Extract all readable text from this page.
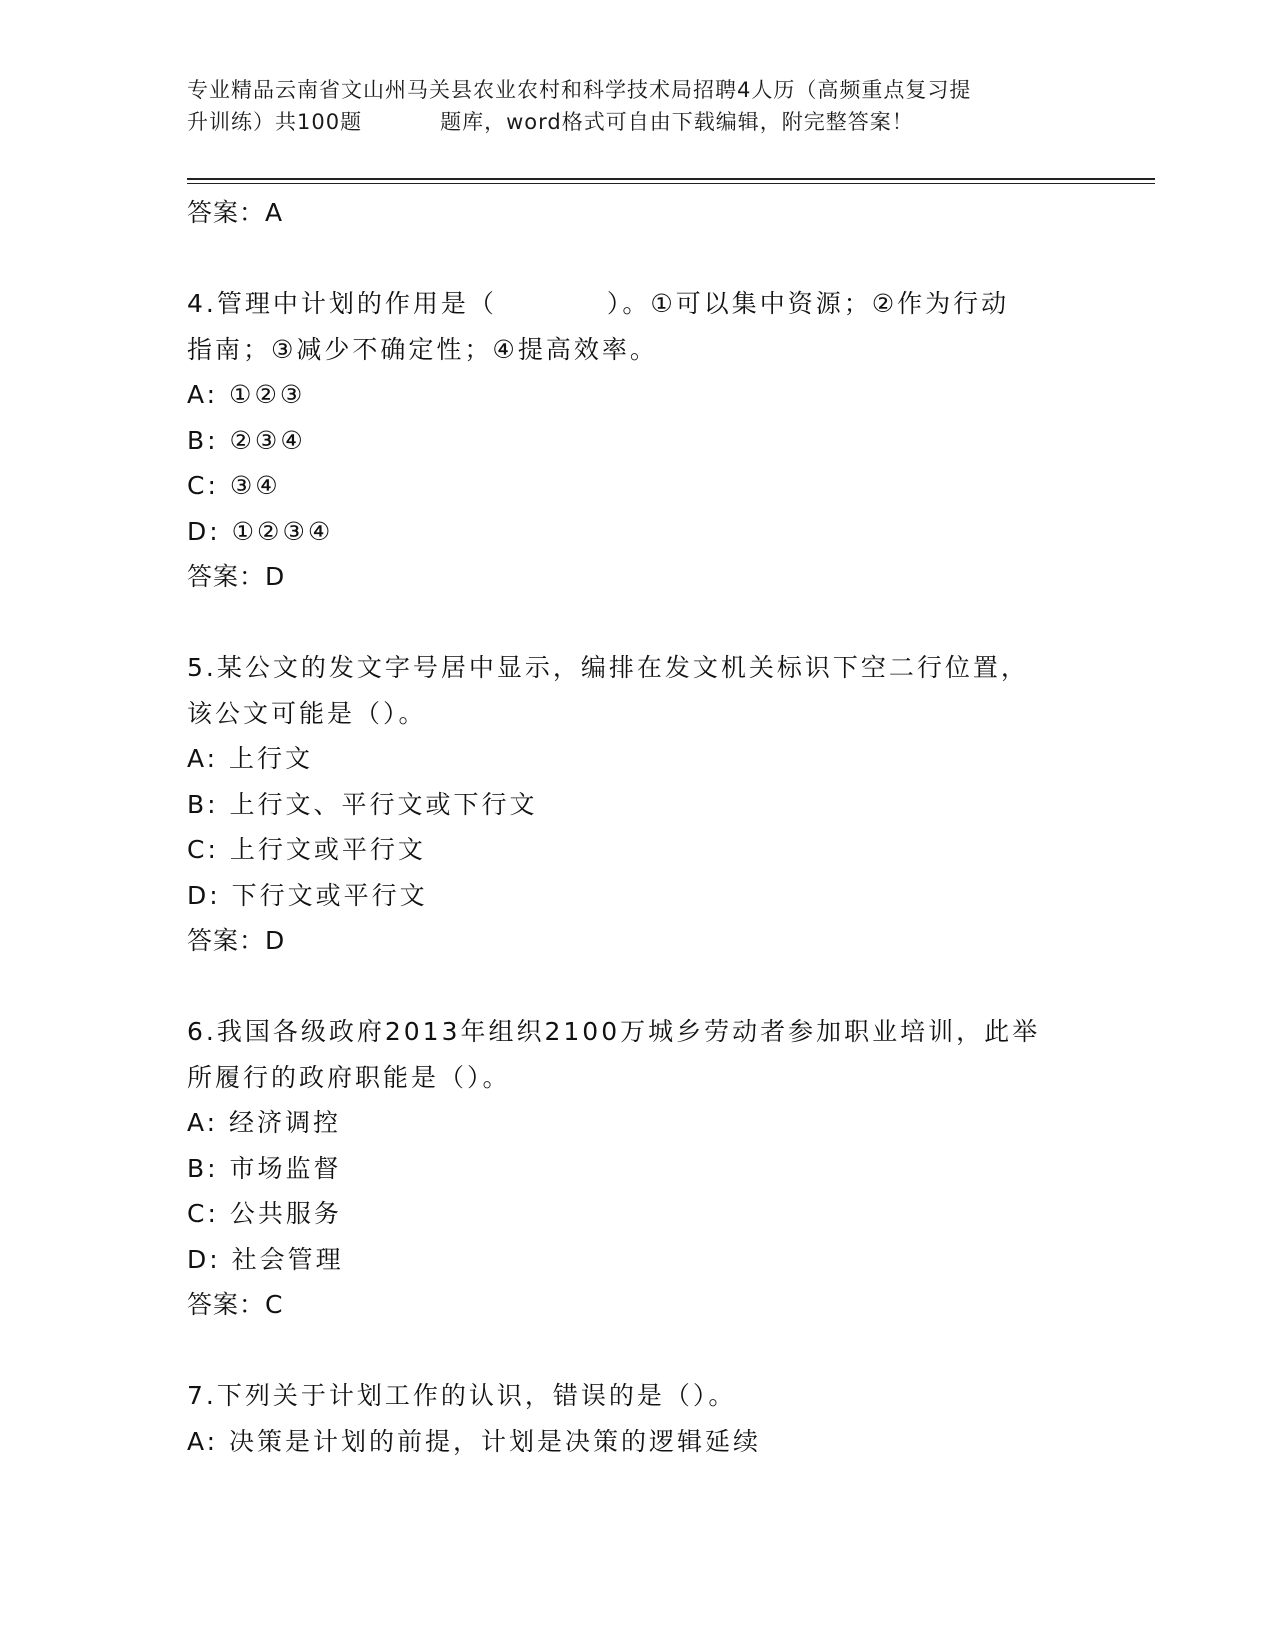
专业精品云南省文山州马关县农业农村和科学技术局招聘4人历（高频重点复习提
升训练）共100题	题库，word格式可自由下载编辑，附完整答案！
答案：A
4.管理中计划的作用是（	）。①可以集中资源；②作为行动
指南；③减少不确定性；④提高效率。
A: ①②③
B: ②③④
C: ③④
D: ①②③④
答案：D
5.某公文的发文字号居中显示，编排在发文机关标识下空二行位置，
该公文可能是（）。
A: 上行文
B: 上行文、平行文或下行文
C: 上行文或平行文
D: 下行文或平行文
答案：D
6.我国各级政府2013年组织2100万城乡劳动者参加职业培训，此举
所履行的政府职能是（）。
A: 经济调控
B: 市场监督
C: 公共服务
D: 社会管理
答案：C
7.下列关于计划工作的认识，错误的是（）。
A: 决策是计划的前提，计划是决策的逻辑延续
